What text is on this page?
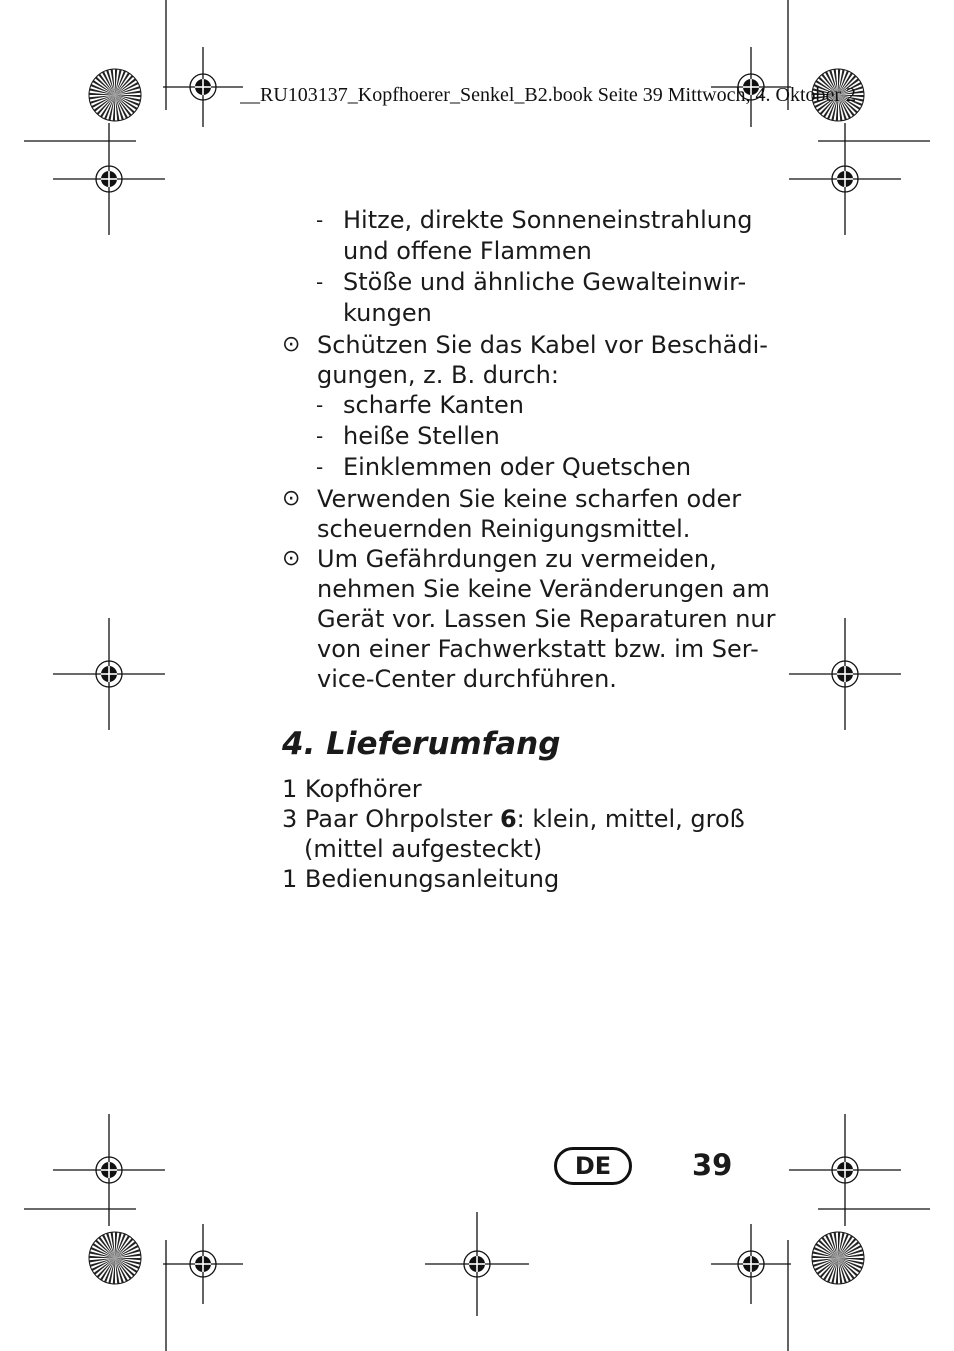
__RU103137_Kopfhoerer_Senkel_B2.book Seite 39 Mittwoch, 4. Oktober 2
- Hitze, direkte Sonneneinstrahlung
und offene Flammen
- Stöße und ähnliche Gewalteinwir-
kungen
⊙ Schützen Sie das Kabel vor Beschädi-
gungen, z. B. durch:
- scharfe Kanten
- heiße Stellen
- Einklemmen oder Quetschen
⊙ Verwenden Sie keine scharfen oder
scheuernden Reinigungsmittel.
⊙ Um Gefährdungen zu vermeiden,
nehmen Sie keine Veränderungen am
Gerät vor. Lassen Sie Reparaturen nur
von einer Fachwerkstatt bzw. im Ser-
vice-Center durchführen.
4. Lieferumfang
1 Kopfhörer
3 Paar Ohrpolster 6: klein, mittel, groß
(mittel aufgesteckt)
1 Bedienungsanleitung
DE	39
